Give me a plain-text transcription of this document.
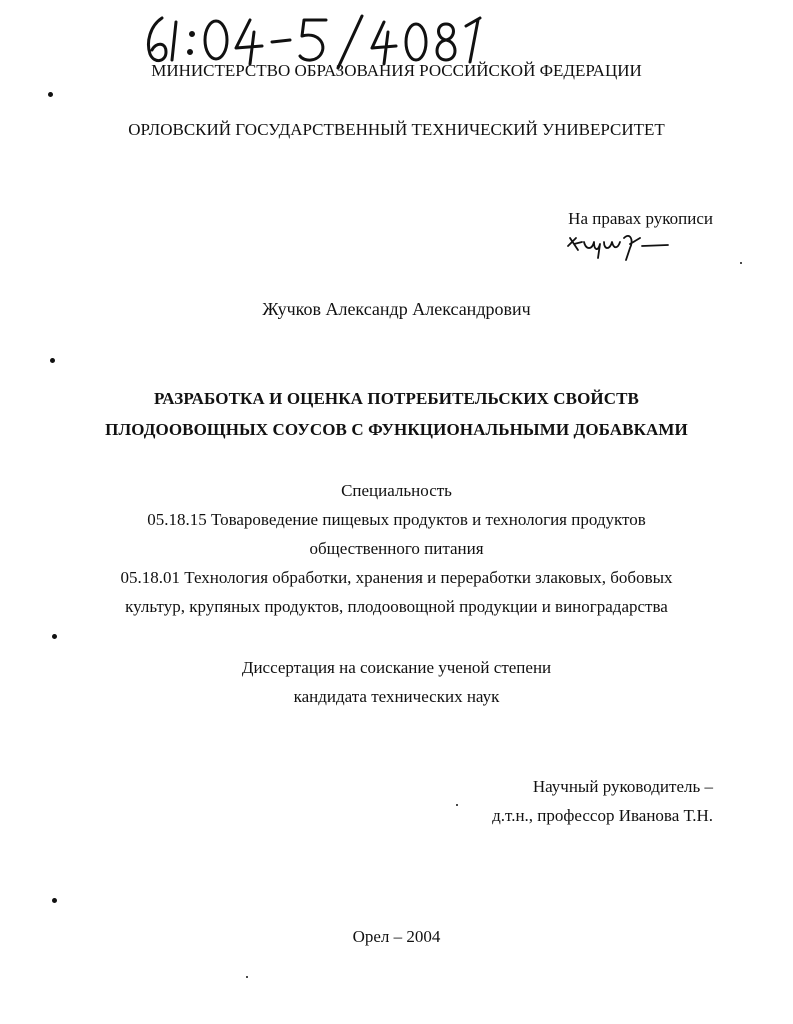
МИНИСТЕРСТВО ОБРАЗОВАНИЯ РОССИЙСКОЙ ФЕДЕРАЦИИ
ОРЛОВСКИЙ ГОСУДАРСТВЕННЫЙ ТЕХНИЧЕСКИЙ УНИВЕРСИТЕТ
На правах рукописи
Жучков Александр Александрович
РАЗРАБОТКА И ОЦЕНКА ПОТРЕБИТЕЛЬСКИХ СВОЙСТВ
ПЛОДООВОЩНЫХ СОУСОВ С ФУНКЦИОНАЛЬНЫМИ ДОБАВКАМИ
Специальность
05.18.15 Товароведение пищевых продуктов и технология продуктов
общественного питания
05.18.01 Технология обработки, хранения и переработки злаковых, бобовых
культур, крупяных продуктов, плодоовощной продукции и виноградарства
Диссертация на соискание ученой степени
кандидата технических наук
Научный руководитель –
д.т.н., профессор Иванова Т.Н.
Орел – 2004
